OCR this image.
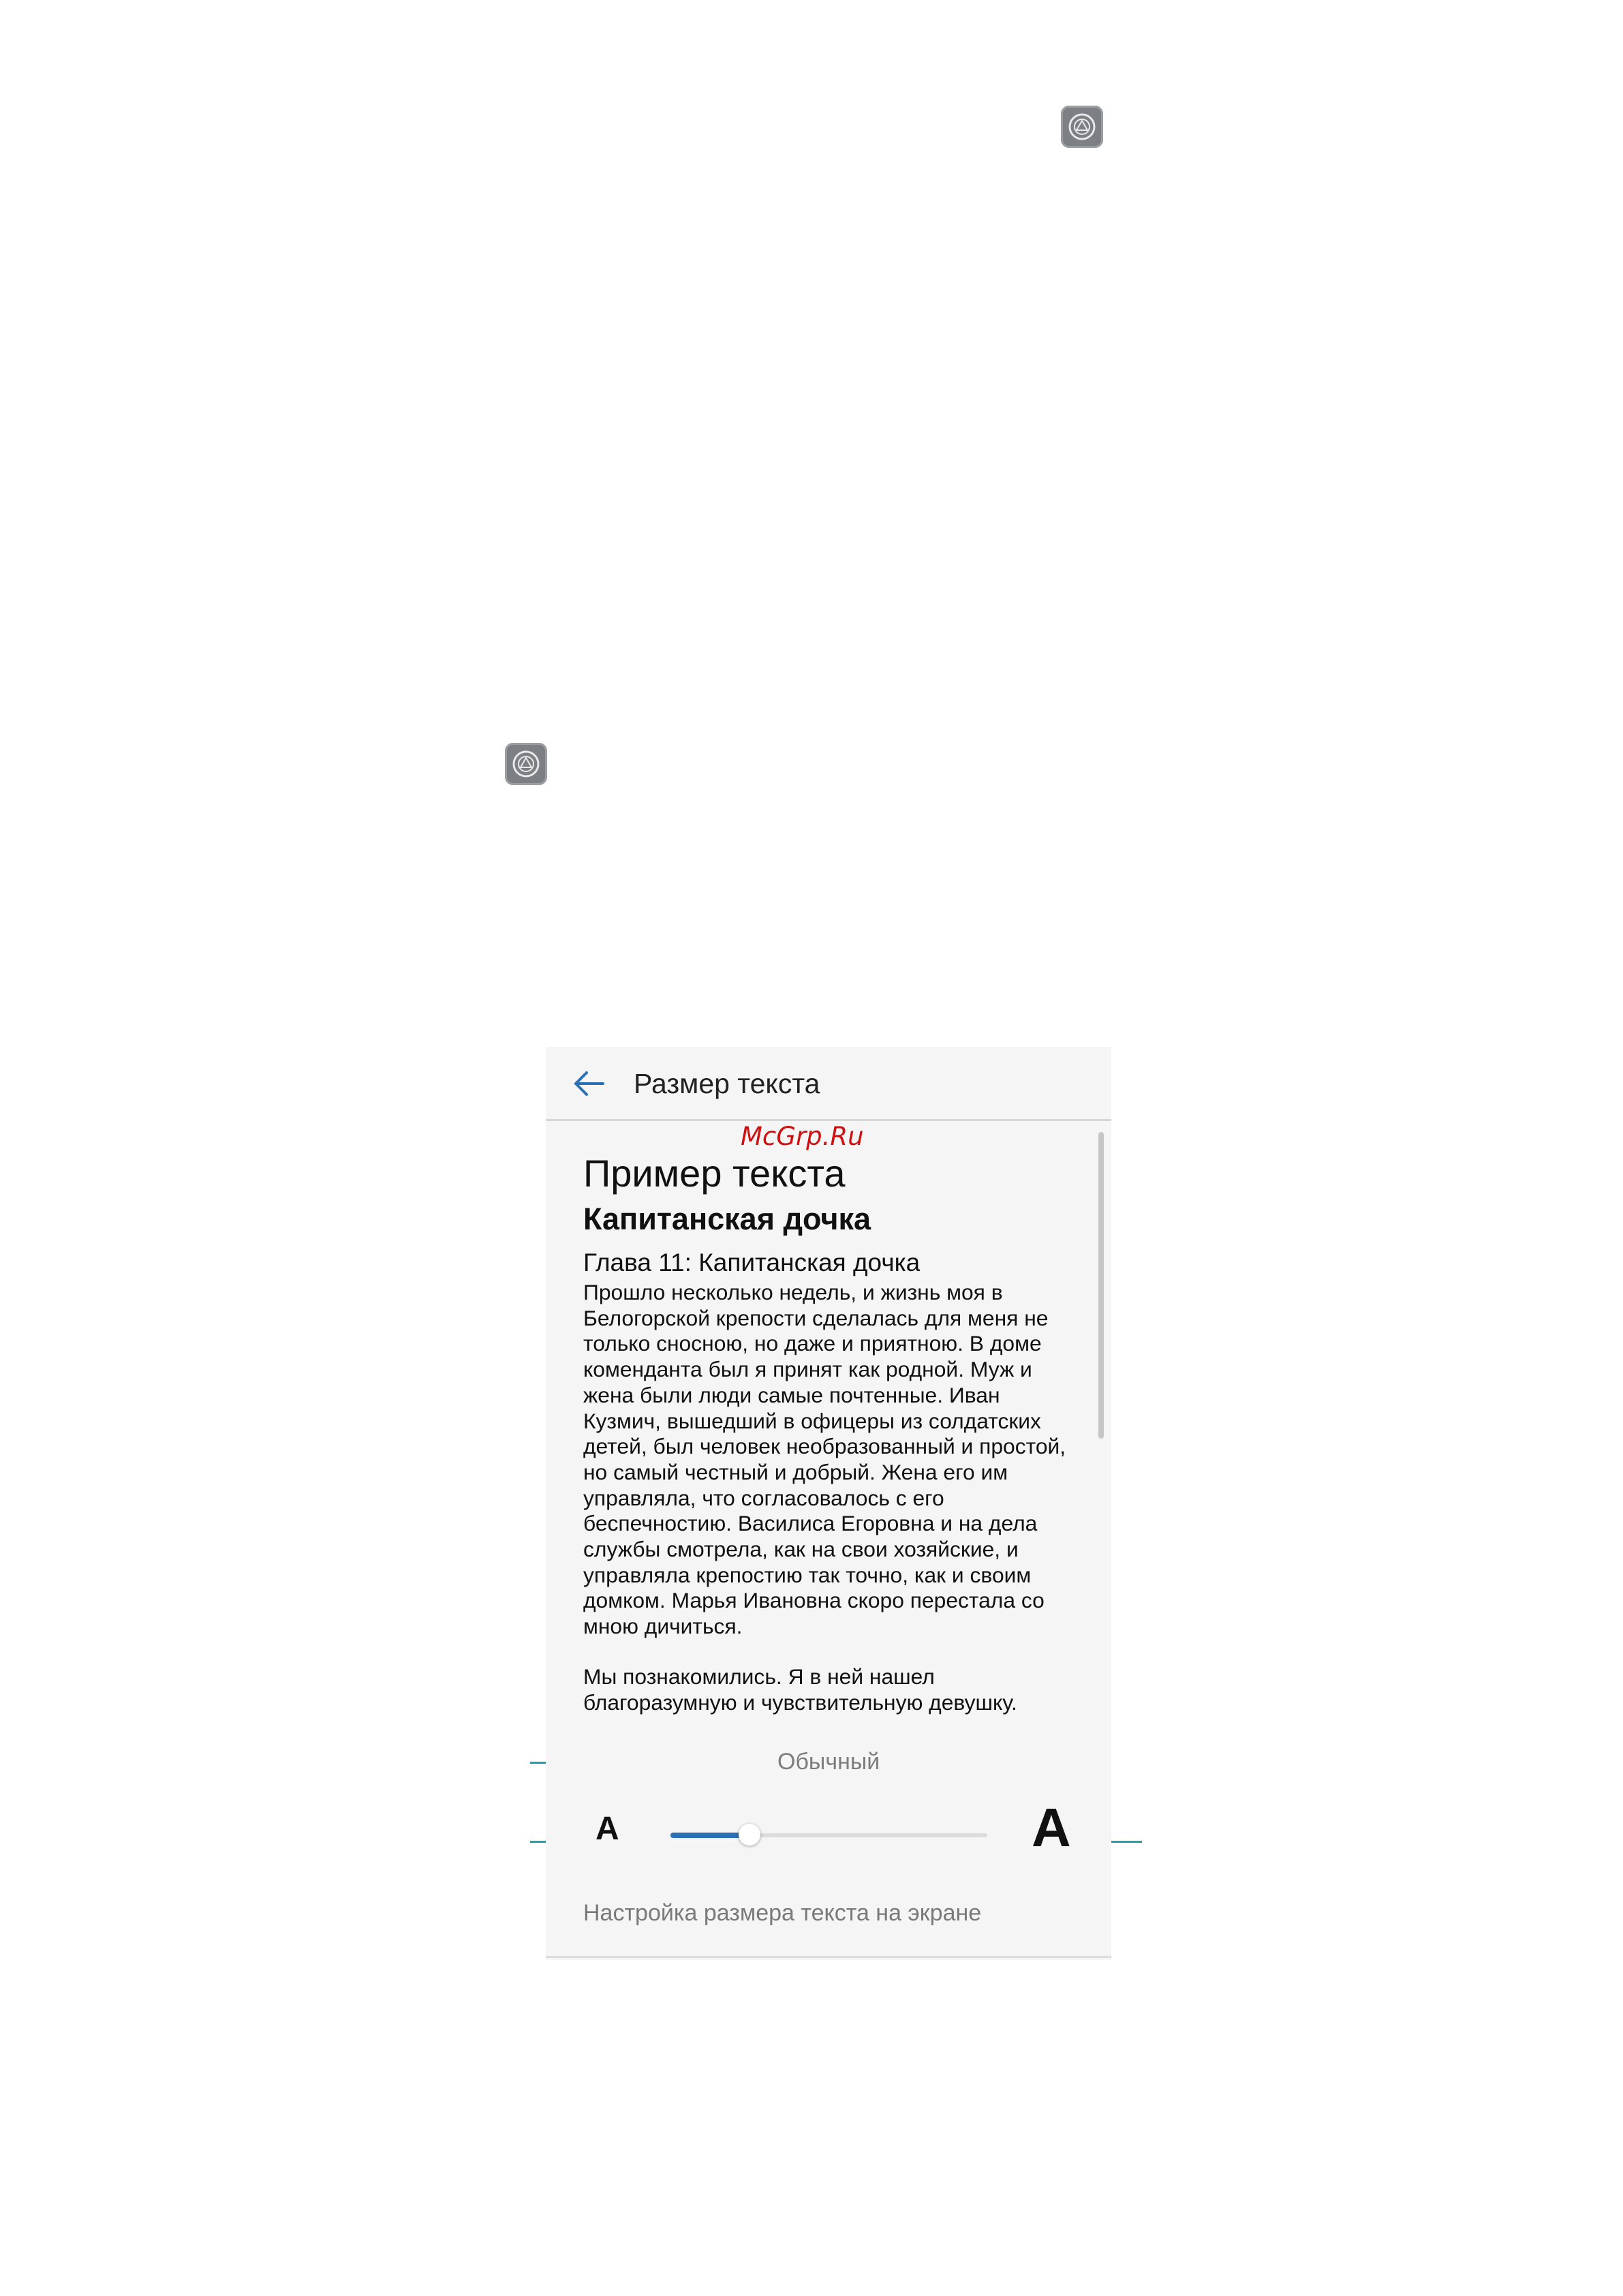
Размер текста
McGrp.Ru
Пример текста
Капитанская дочка
Глава 11: Капитанская дочка
Прошло несколько недель, и жизнь моя в Белогорской крепости сделалась для меня не только сносною, но даже и приятною. В доме коменданта был я принят как родной. Муж и жена были люди самые почтенные. Иван Кузмич, вышедший в офицеры из солдатских детей, был человек необразованный и простой, но самый честный и добрый. Жена его им управляла, что согласовалось с его беспечностию. Василиса Егоровна и на дела службы смотрела, как на свои хозяйские, и управляла крепостию так точно, как и своим домком. Марья Ивановна скоро перестала со мною дичиться.
Мы познакомились. Я в ней нашел благоразумную и чувствительную девушку.
Обычный
A	A
Настройка размера текста на экране
